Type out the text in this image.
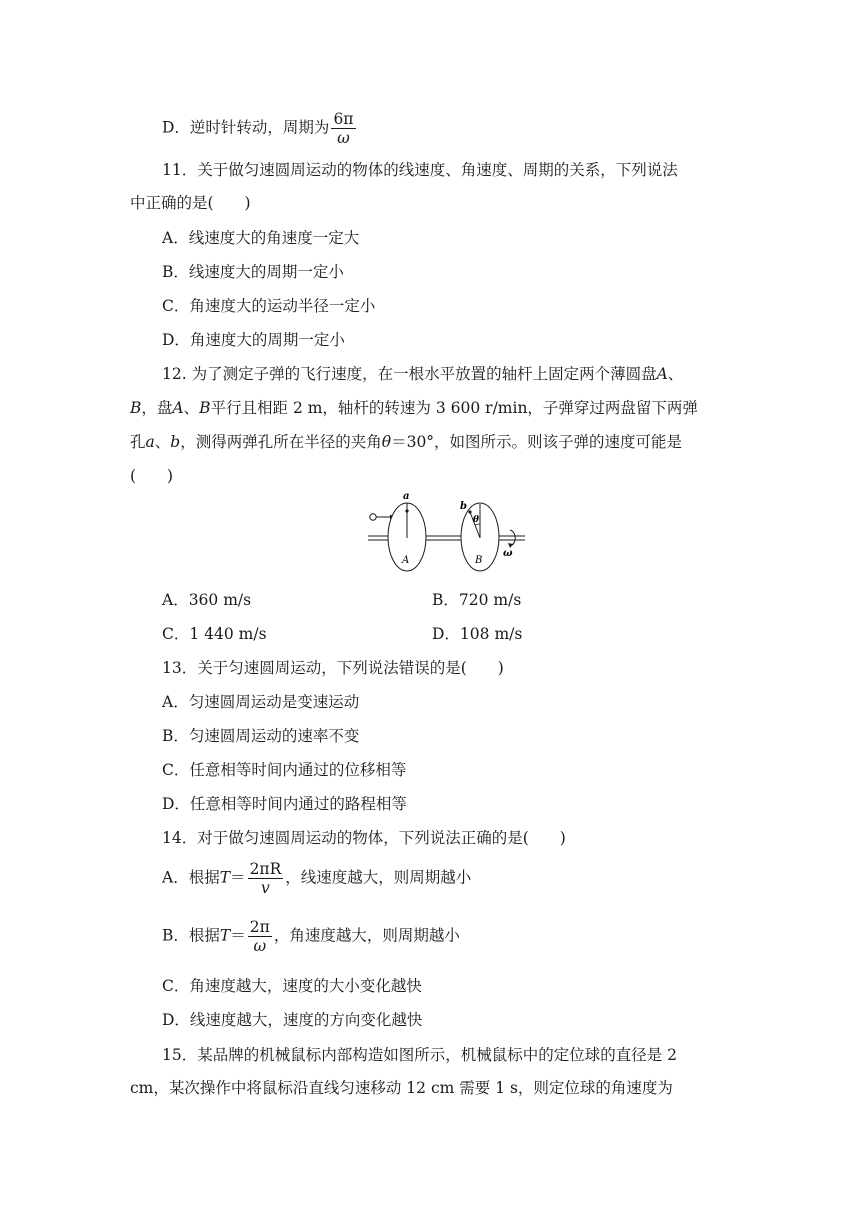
D．逆时针转动，周期为 $\frac{6\pi}{\omega}$
11．关于做匀速圆周运动的物体的线速度、角速度、周期的关系，下列说法
中正确的是(　　)
A．线速度大的角速度一定大
B．线速度大的周期一定小
C．角速度大的运动半径一定小
D．角速度大的周期一定小
12. 为了测定子弹的飞行速度，在一根水平放置的轴杆上固定两个薄圆盘A、
B，盘A、B平行且相距 2 m，轴杆的转速为 3 600 r/min，子弹穿过两盘留下两弹
孔a、b，测得两弹孔所在半径的夹角θ＝30°，如图所示。则该子弹的速度可能是
(　　)
a
A
b
θ
B
ω
A．360 m/s	B．720 m/s
C．1 440 m/s	D．108 m/s
13．关于匀速圆周运动，下列说法错误的是(　　)
A．匀速圆周运动是变速运动
B．匀速圆周运动的速率不变
C．任意相等时间内通过的位移相等
D．任意相等时间内通过的路程相等
14．对于做匀速圆周运动的物体，下列说法正确的是(　　)
A．根据$T= \frac{2\pi R}{v}$ ，线速度越大，则周期越小
B．根据$T= \frac{2\pi}{\omega}$ ，角速度越大，则周期越小
C．角速度越大，速度的大小变化越快
D．线速度越大，速度的方向变化越快
15．某品牌的机械鼠标内部构造如图所示，机械鼠标中的定位球的直径是 2
cm，某次操作中将鼠标沿直线匀速移动 12 cm 需要 1 s，则定位球的角速度为
